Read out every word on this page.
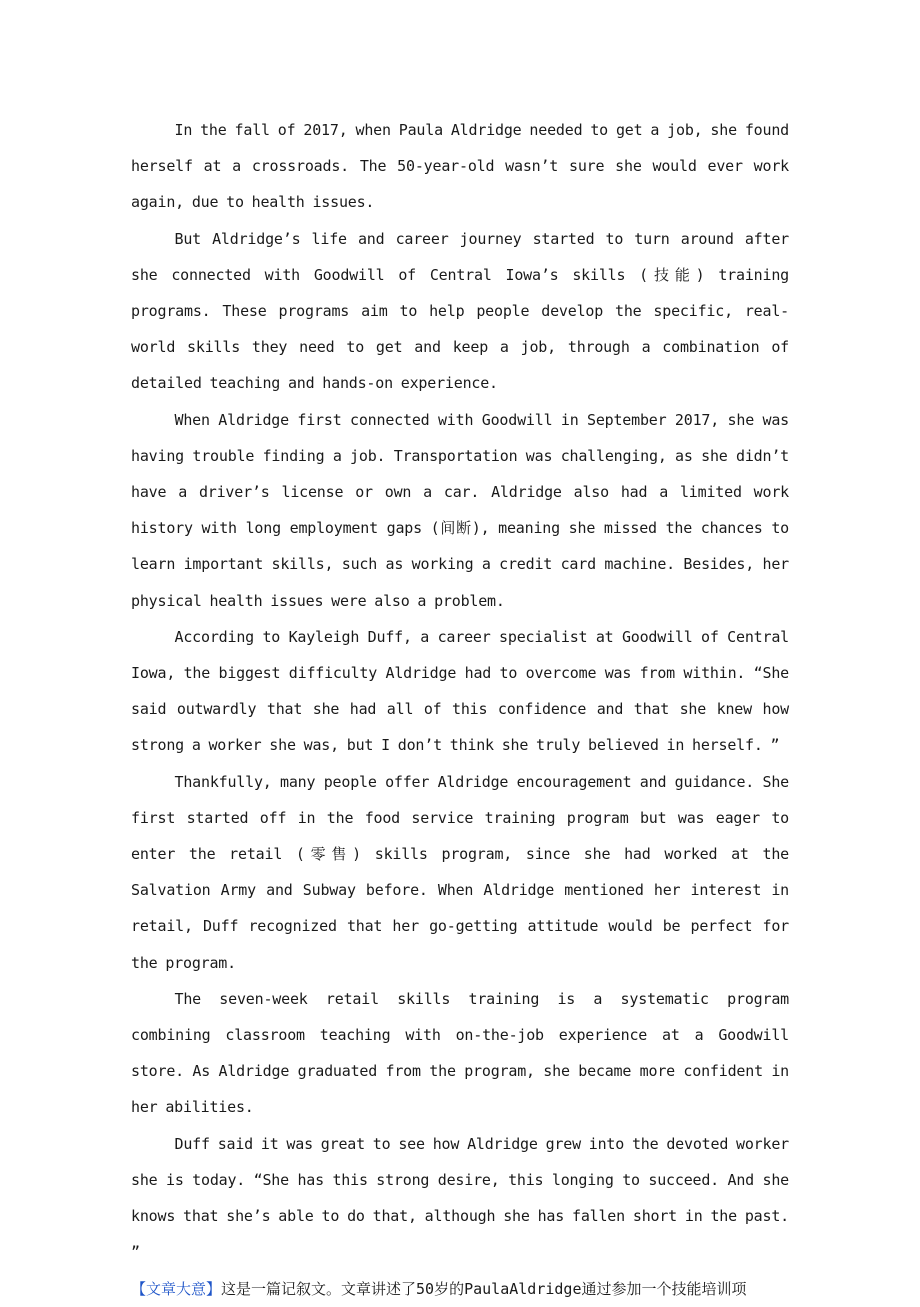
In the fall of 2017, when Paula Aldridge needed to get a job, she found herself at a crossroads. The 50-year-old wasn’t sure she would ever work again, due to health issues.

But Aldridge’s life and career journey started to turn around after she connected with Goodwill of Central Iowa’s skills (技能) training programs. These programs aim to help people develop the specific, real-world skills they need to get and keep a job, through a combination of detailed teaching and hands-on experience.

When Aldridge first connected with Goodwill in September 2017, she was having trouble finding a job. Transportation was challenging, as she didn’t have a driver’s license or own a car. Aldridge also had a limited work history with long employment gaps (间断), meaning she missed the chances to learn important skills, such as working a credit card machine. Besides, her physical health issues were also a problem.

According to Kayleigh Duff, a career specialist at Goodwill of Central Iowa, the biggest difficulty Aldridge had to overcome was from within. “She said outwardly that she had all of this confidence and that she knew how strong a worker she was, but I don’t think she truly believed in herself. ”

Thankfully, many people offer Aldridge encouragement and guidance. She first started off in the food service training program but was eager to enter the retail (零售) skills program, since she had worked at the Salvation Army and Subway before. When Aldridge mentioned her interest in retail, Duff recognized that her go-getting attitude would be perfect for the program.

The seven-week retail skills training is a systematic program combining classroom teaching with on-the-job experience at a Goodwill store. As Aldridge graduated from the program, she became more confident in her abilities.

Duff said it was great to see how Aldridge grew into the devoted worker she is today. “She has this strong desire, this longing to succeed. And she knows that she’s able to do that, although she has fallen short in the past. ”

【文章大意】这是一篇记叙文。文章讲述了50岁的PaulaAldridge通过参加一个技能培训项
